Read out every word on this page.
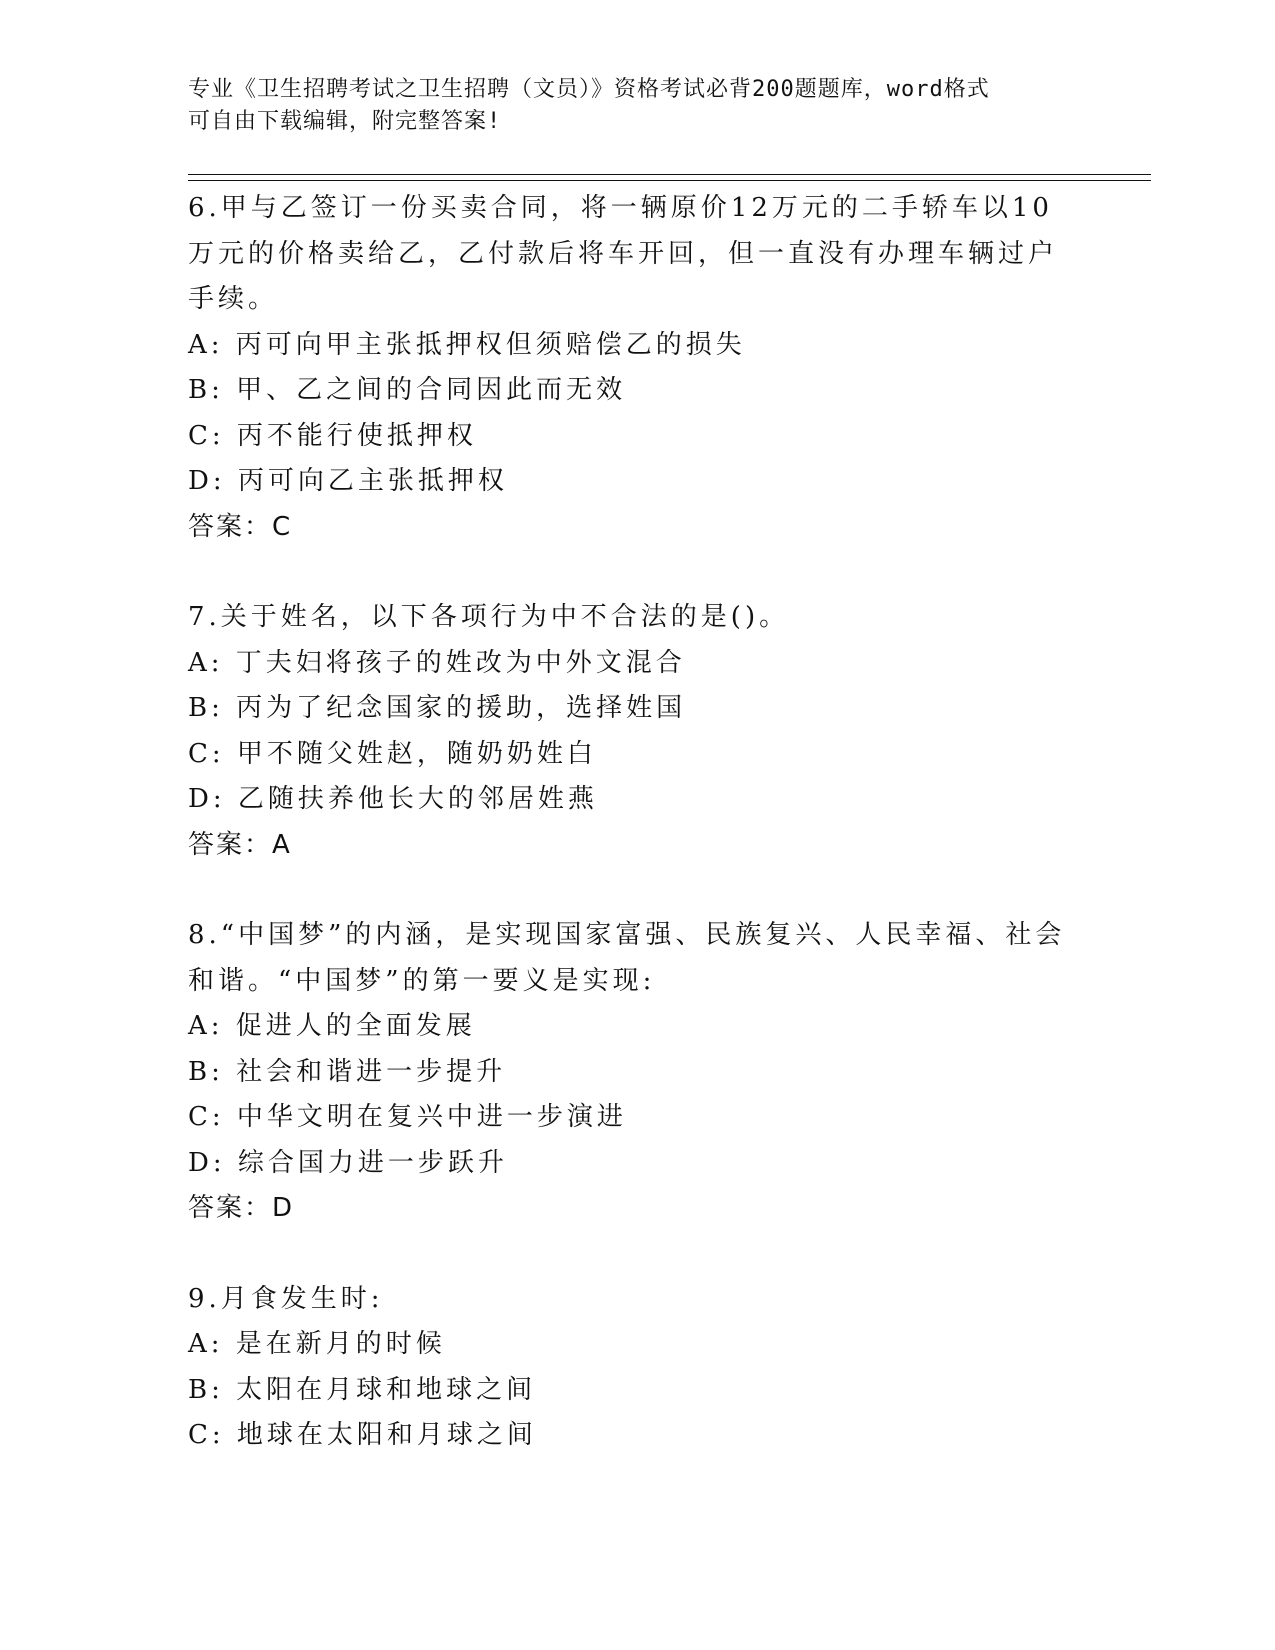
专业《卫生招聘考试之卫生招聘（文员）》资格考试必背200题题库，word格式
可自由下载编辑，附完整答案!
6.甲与乙签订一份买卖合同，将一辆原价12万元的二手轿车以10万元的价格卖给乙，乙付款后将车开回，但一直没有办理车辆过户手续。
A: 丙可向甲主张抵押权但须赔偿乙的损失
B: 甲、乙之间的合同因此而无效
C: 丙不能行使抵押权
D: 丙可向乙主张抵押权
答案：C
7.关于姓名，以下各项行为中不合法的是()。
A: 丁夫妇将孩子的姓改为中外文混合
B: 丙为了纪念国家的援助，选择姓国
C: 甲不随父姓赵，随奶奶姓白
D: 乙随扶养他长大的邻居姓燕
答案：A
8.“中国梦”的内涵，是实现国家富强、民族复兴、人民幸福、社会和谐。“中国梦”的第一要义是实现:
A: 促进人的全面发展
B: 社会和谐进一步提升
C: 中华文明在复兴中进一步演进
D: 综合国力进一步跃升
答案：D
9.月食发生时:
A: 是在新月的时候
B: 太阳在月球和地球之间
C: 地球在太阳和月球之间
